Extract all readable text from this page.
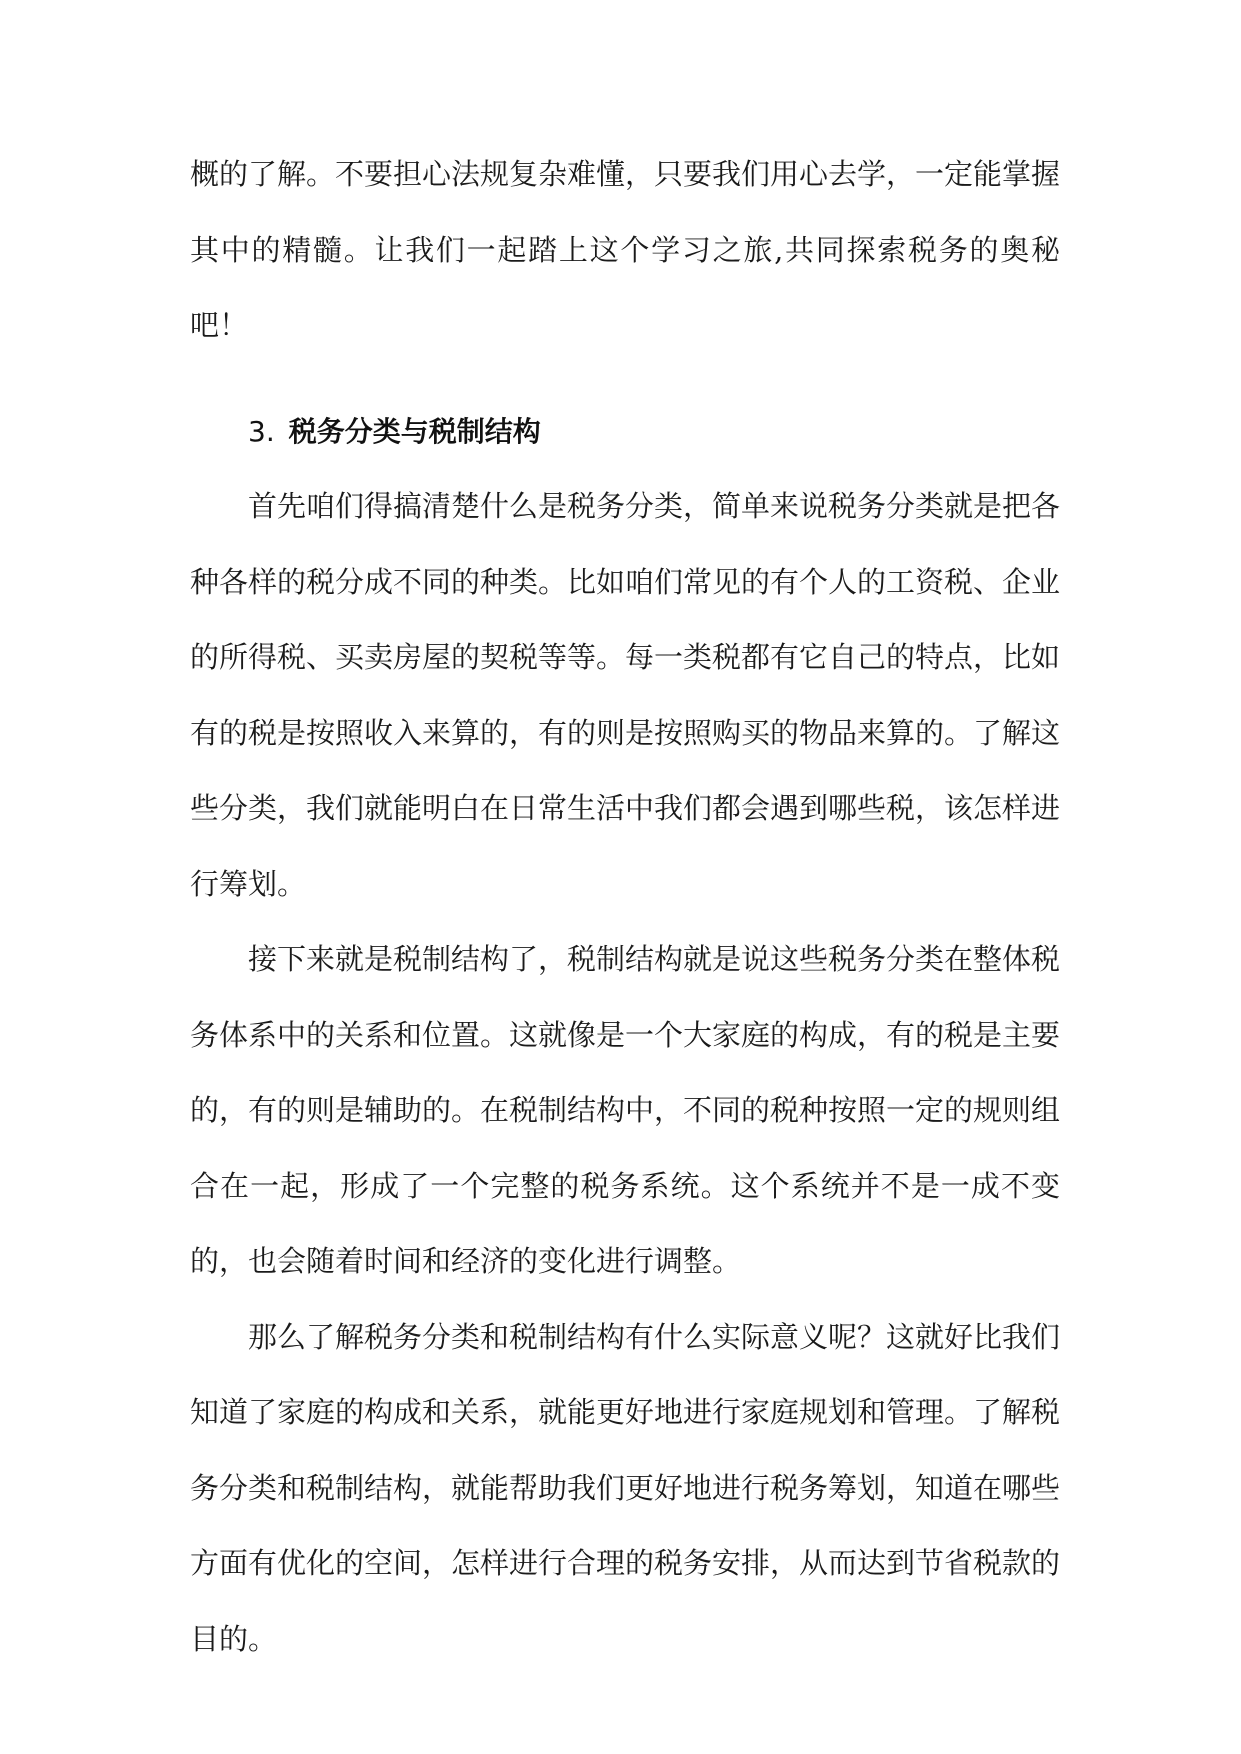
概的了解。不要担心法规复杂难懂，只要我们用心去学，一定能掌握其中的精髓。让我们一起踏上这个学习之旅,共同探索税务的奥秘吧！

3. 税务分类与税制结构

首先咱们得搞清楚什么是税务分类，简单来说税务分类就是把各种各样的税分成不同的种类。比如咱们常见的有个人的工资税、企业的所得税、买卖房屋的契税等等。每一类税都有它自己的特点，比如有的税是按照收入来算的，有的则是按照购买的物品来算的。了解这些分类，我们就能明白在日常生活中我们都会遇到哪些税，该怎样进行筹划。

接下来就是税制结构了，税制结构就是说这些税务分类在整体税务体系中的关系和位置。这就像是一个大家庭的构成，有的税是主要的，有的则是辅助的。在税制结构中，不同的税种按照一定的规则组合在一起，形成了一个完整的税务系统。这个系统并不是一成不变的，也会随着时间和经济的变化进行调整。

那么了解税务分类和税制结构有什么实际意义呢？这就好比我们知道了家庭的构成和关系，就能更好地进行家庭规划和管理。了解税务分类和税制结构，就能帮助我们更好地进行税务筹划，知道在哪些方面有优化的空间，怎样进行合理的税务安排，从而达到节省税款的目的。
